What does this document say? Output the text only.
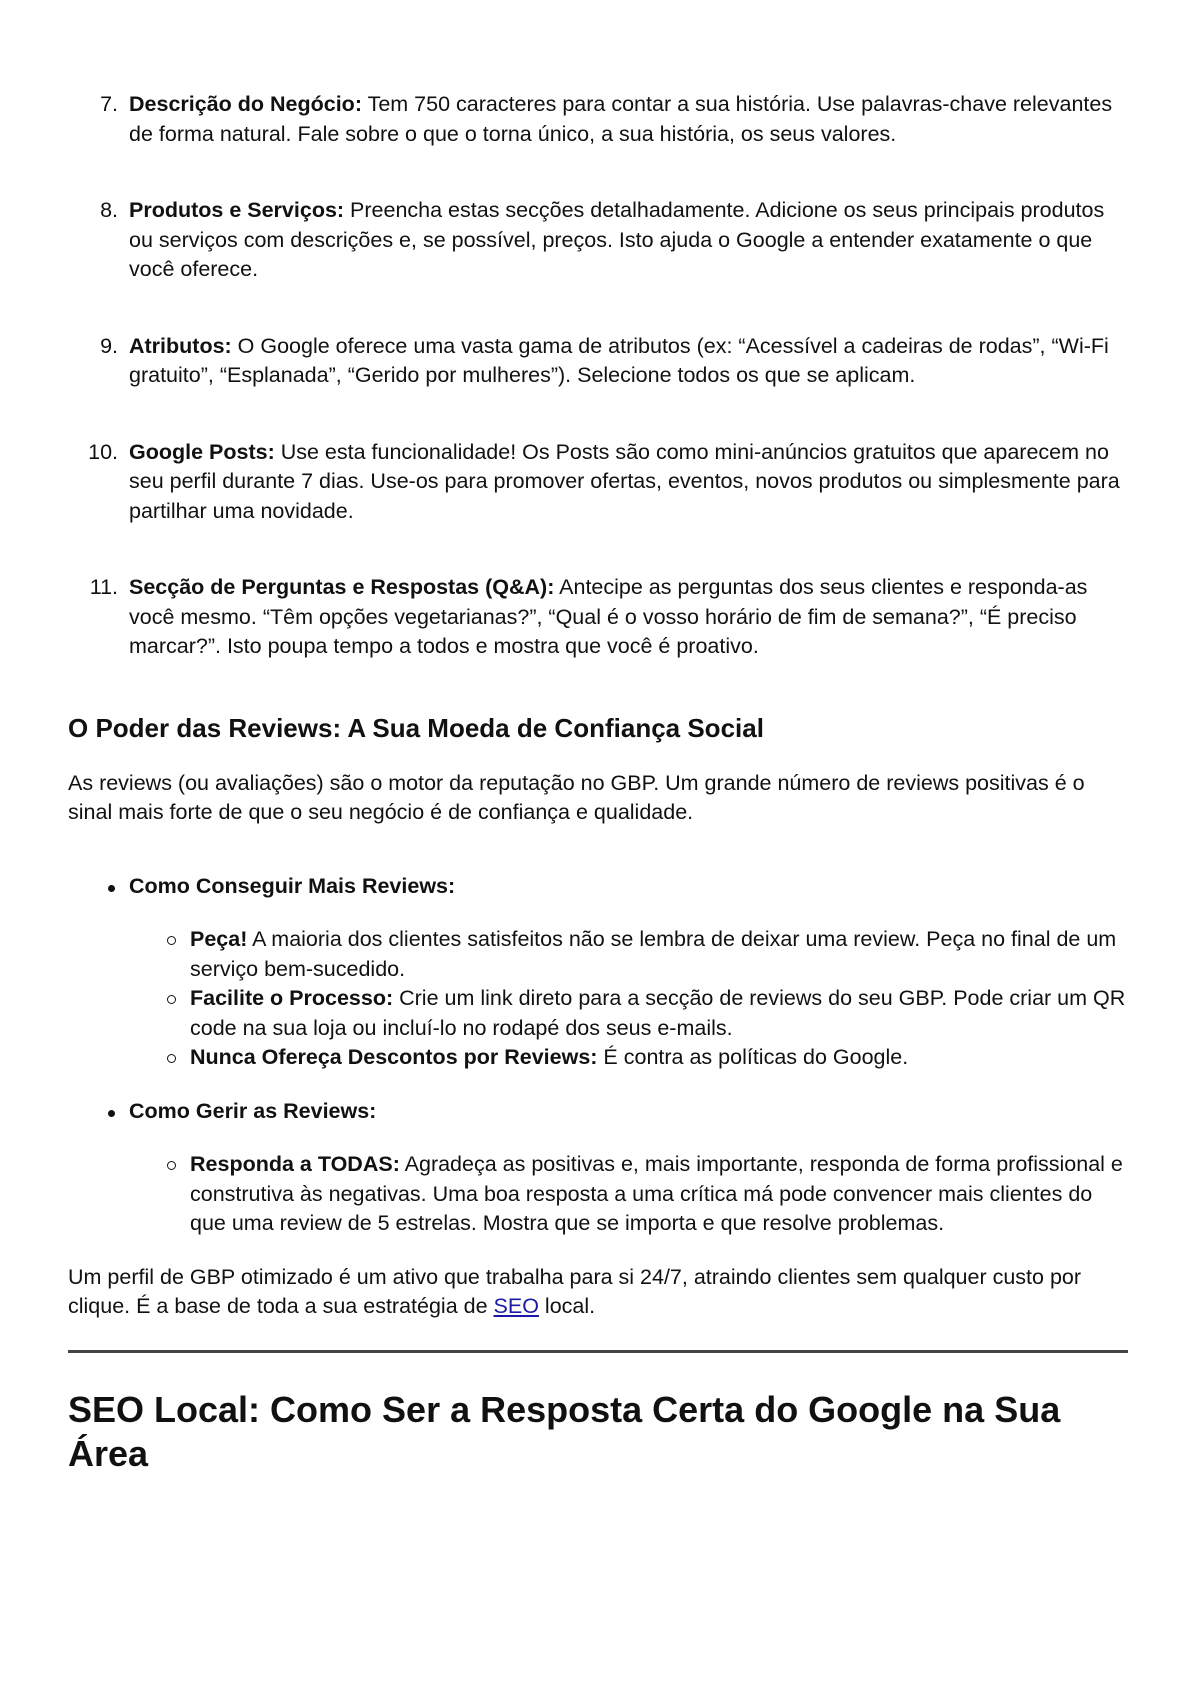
7. Descrição do Negócio: Tem 750 caracteres para contar a sua história. Use palavras-chave relevantes de forma natural. Fale sobre o que o torna único, a sua história, os seus valores.
8. Produtos e Serviços: Preencha estas secções detalhadamente. Adicione os seus principais produtos ou serviços com descrições e, se possível, preços. Isto ajuda o Google a entender exatamente o que você oferece.
9. Atributos: O Google oferece uma vasta gama de atributos (ex: “Acessível a cadeiras de rodas”, “Wi-Fi gratuito”, “Esplanada”, “Gerido por mulheres”). Selecione todos os que se aplicam.
10. Google Posts: Use esta funcionalidade! Os Posts são como mini-anúncios gratuitos que aparecem no seu perfil durante 7 dias. Use-os para promover ofertas, eventos, novos produtos ou simplesmente para partilhar uma novidade.
11. Secção de Perguntas e Respostas (Q&A): Antecipe as perguntas dos seus clientes e responda-as você mesmo. “Têm opções vegetarianas?”, “Qual é o vosso horário de fim de semana?”, “É preciso marcar?”. Isto poupa tempo a todos e mostra que você é proativo.
O Poder das Reviews: A Sua Moeda de Confiança Social

As reviews (ou avaliações) são o motor da reputação no GBP. Um grande número de reviews positivas é o sinal mais forte de que o seu negócio é de confiança e qualidade.

Como Conseguir Mais Reviews:
Peça! A maioria dos clientes satisfeitos não se lembra de deixar uma review. Peça no final de um serviço bem-sucedido.
Facilite o Processo: Crie um link direto para a secção de reviews do seu GBP. Pode criar um QR code na sua loja ou incluí-lo no rodapé dos seus e-mails.
Nunca Ofereça Descontos por Reviews: É contra as políticas do Google.
Como Gerir as Reviews:
Responda a TODAS: Agradeça as positivas e, mais importante, responda de forma profissional e construtiva às negativas. Uma boa resposta a uma crítica má pode convencer mais clientes do que uma review de 5 estrelas. Mostra que se importa e que resolve problemas.

Um perfil de GBP otimizado é um ativo que trabalha para si 24/7, atraindo clientes sem qualquer custo por clique. É a base de toda a sua estratégia de SEO local.

SEO Local: Como Ser a Resposta Certa do Google na Sua Área
